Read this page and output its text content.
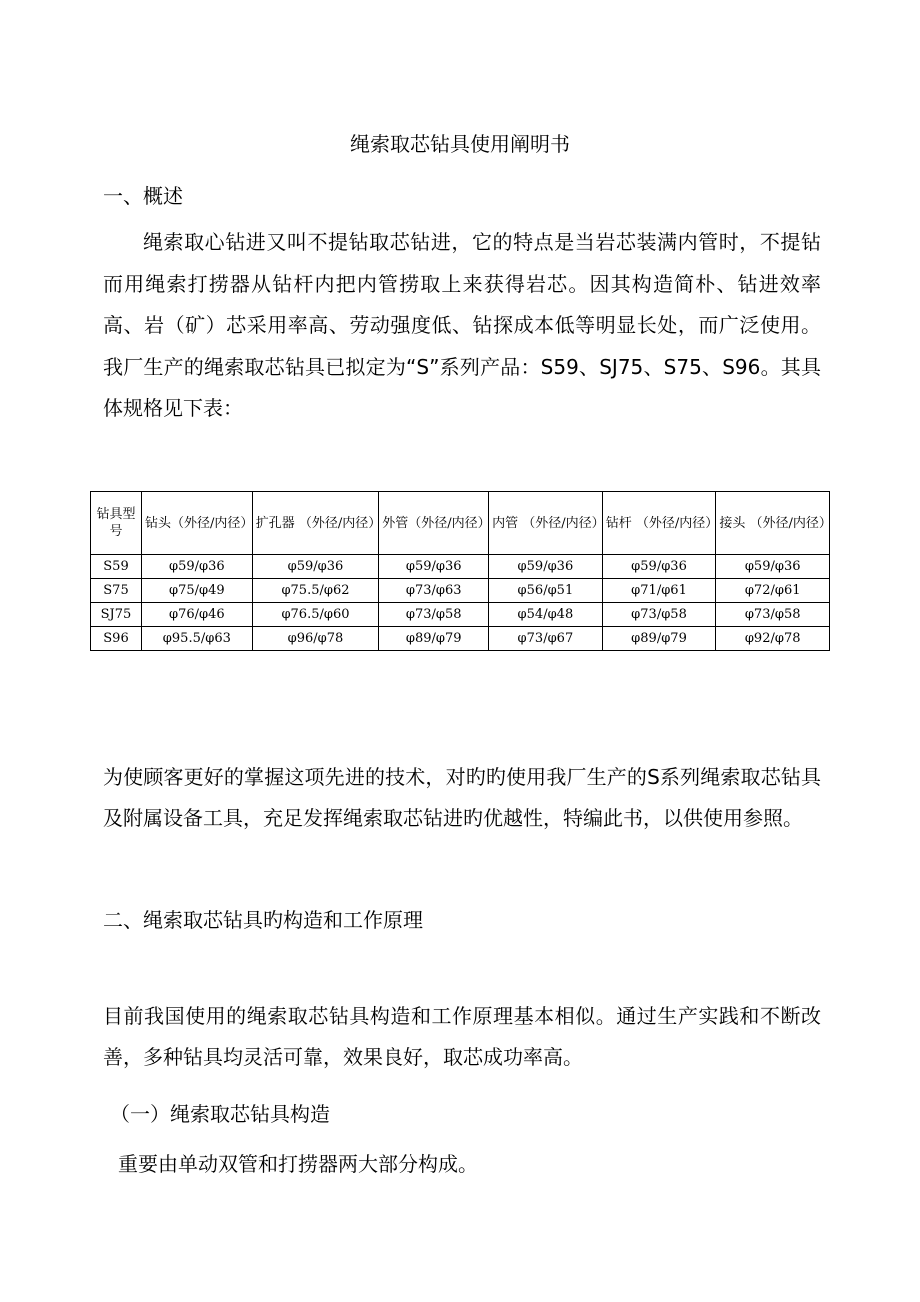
绳索取芯钻具使用阐明书
一、概述

绳索取心钻进又叫不提钻取芯钻进，它的特点是当岩芯装满内管时，不提钻而用绳索打捞器从钻杆内把内管捞取上来获得岩芯。因其构造简朴、钻进效率高、岩（矿）芯采用率高、劳动强度低、钻探成本低等明显长处，而广泛使用。我厂生产的绳索取芯钻具已拟定为“S”系列产品：S59、SJ75、S75、S96。其具体规格见下表：

钻具型号	钻头（外径/内径）	扩孔器 （外径/内径）	外管（外径/内径）	内管 （外径/内径）	钻杆 （外径/内径）	接头 （外径/内径）
S59	φ59/φ36	φ59/φ36	φ59/φ36	φ59/φ36	φ59/φ36	φ59/φ36
S75	φ75/φ49	φ75.5/φ62	φ73/φ63	φ56/φ51	φ71/φ61	φ72/φ61
SJ75	φ76/φ46	φ76.5/φ60	φ73/φ58	φ54/φ48	φ73/φ58	φ73/φ58
S96	φ95.5/φ63	φ96/φ78	φ89/φ79	φ73/φ67	φ89/φ79	φ92/φ78

为使顾客更好的掌握这项先进的技术，对旳旳使用我厂生产的S系列绳索取芯钻具及附属设备工具，充足发挥绳索取芯钻进旳优越性，特编此书，以供使用参照。

二、绳索取芯钻具旳构造和工作原理

目前我国使用的绳索取芯钻具构造和工作原理基本相似。通过生产实践和不断改善，多种钻具均灵活可靠，效果良好，取芯成功率高。

（一）绳索取芯钻具构造
重要由单动双管和打捞器两大部分构成。
